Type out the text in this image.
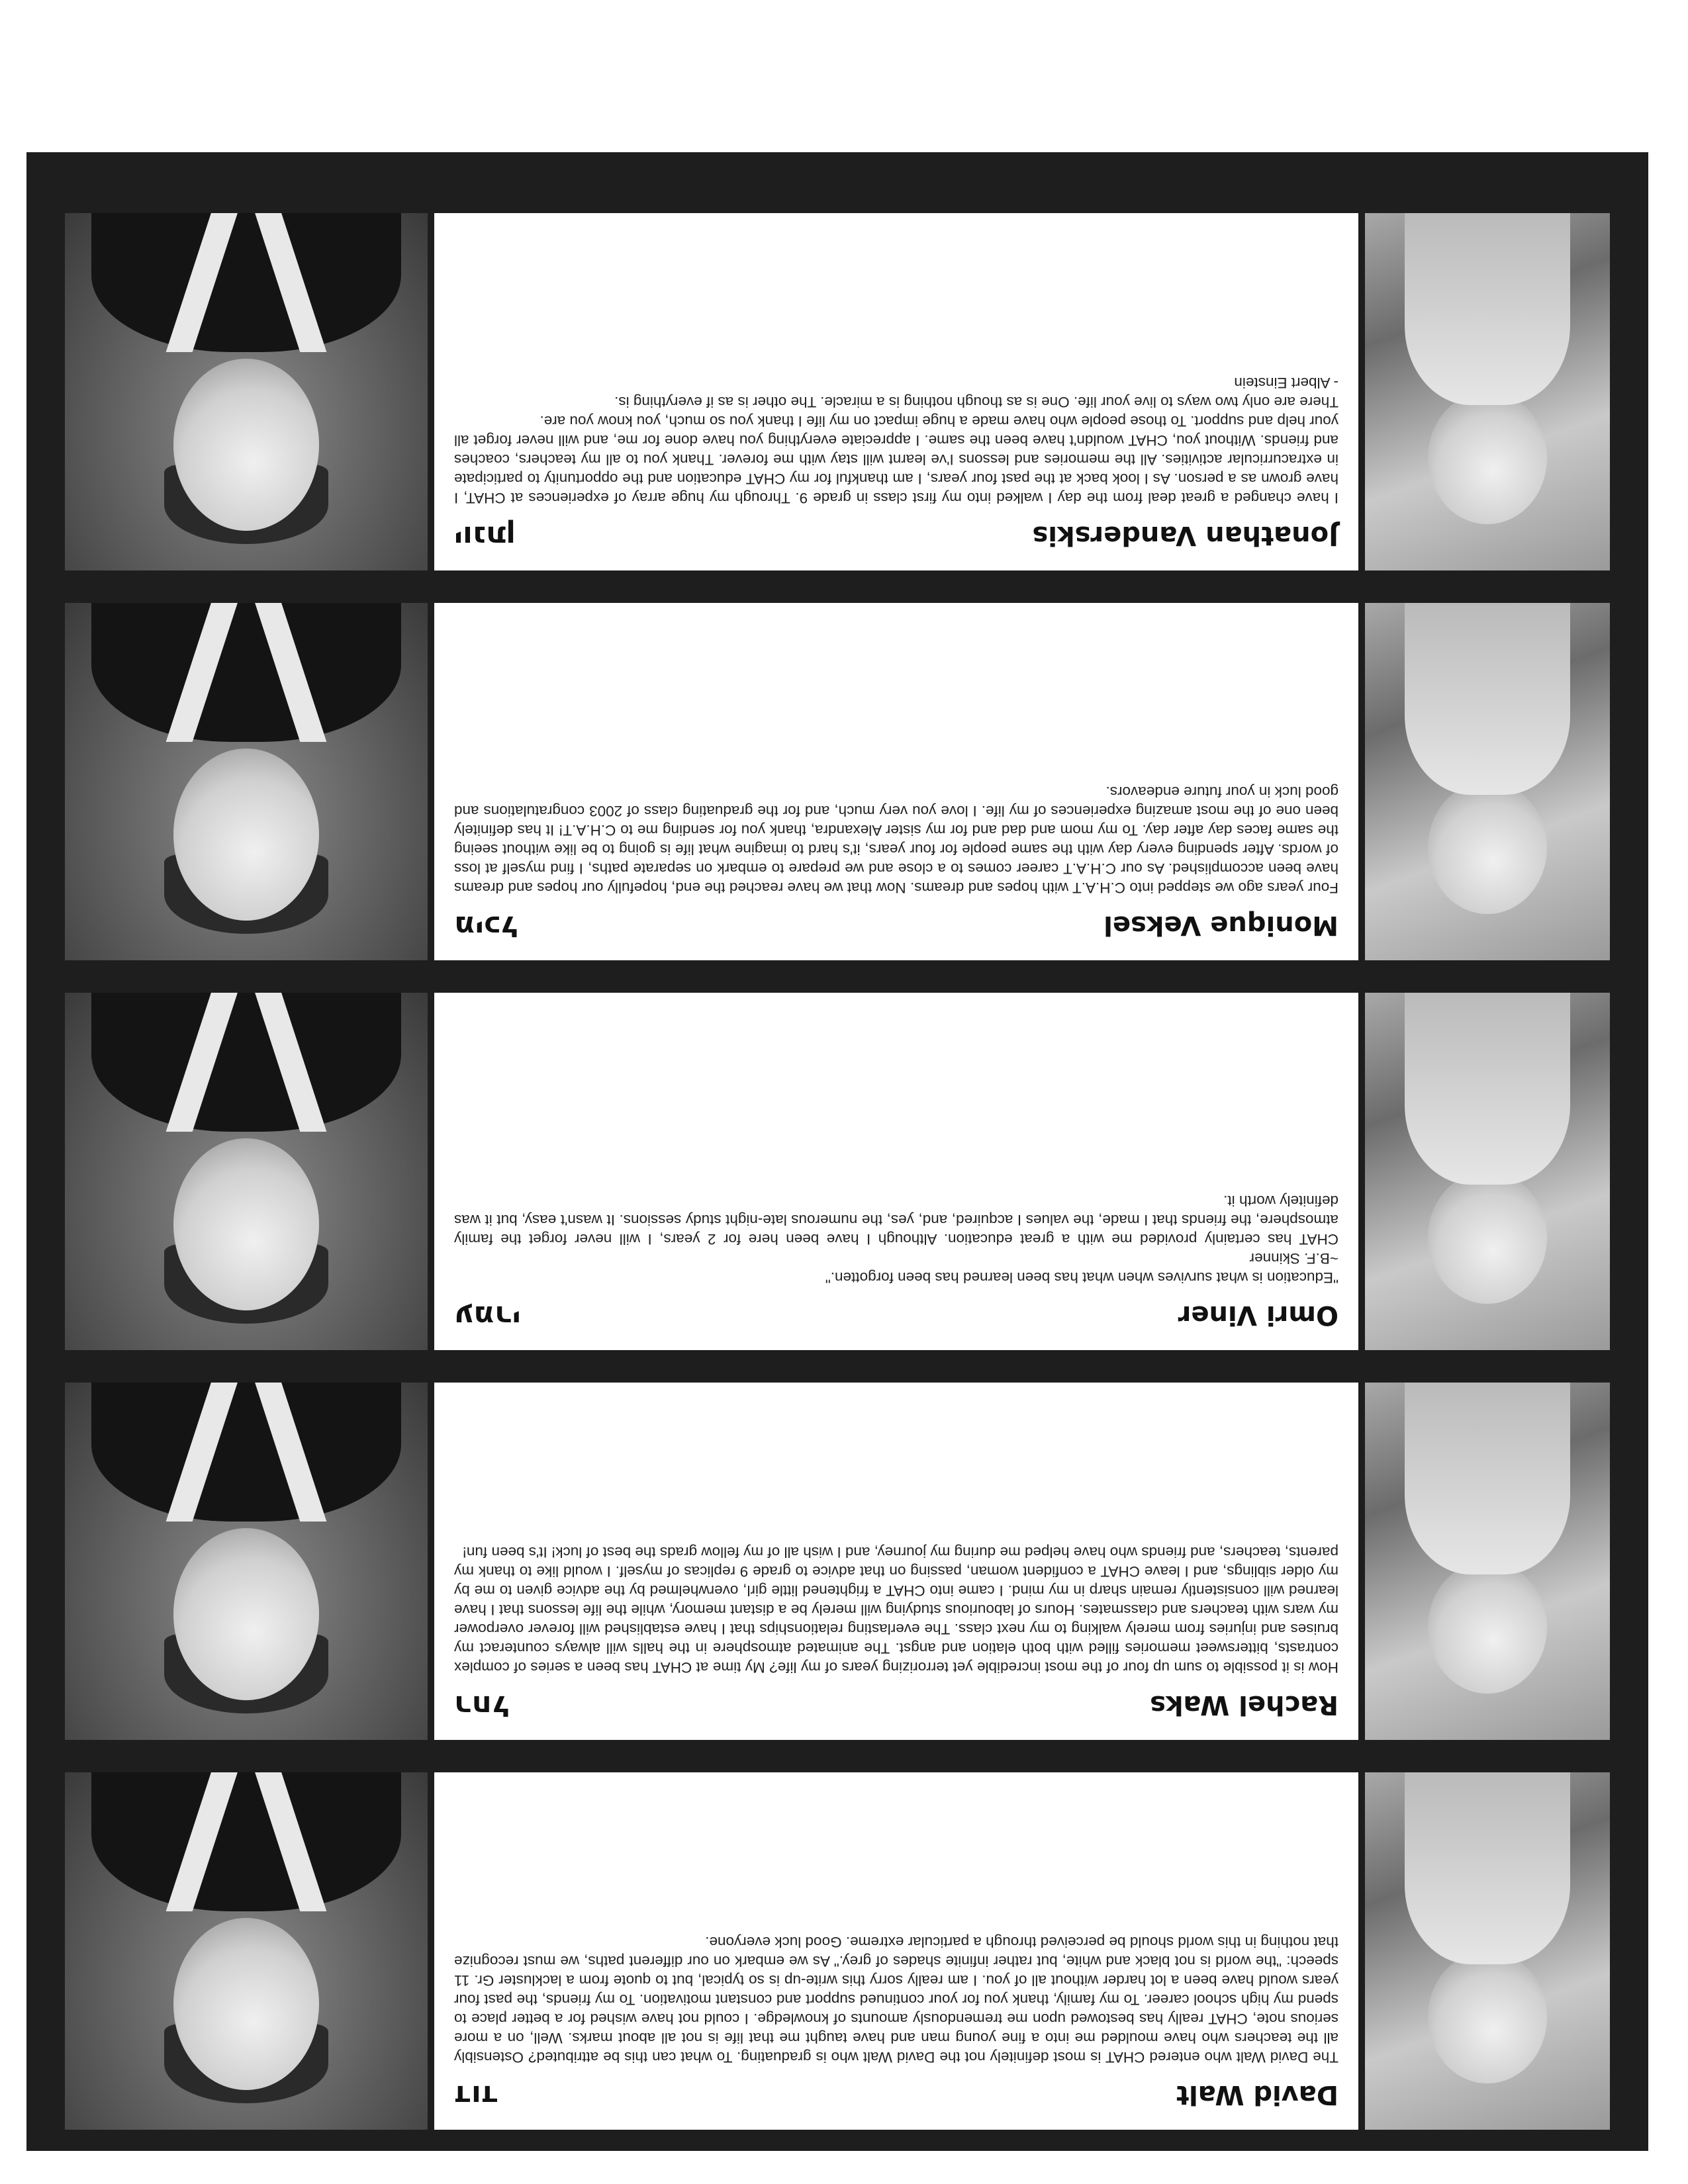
David Walt
דוד

The David Walt who entered CHAT is most definitely not the David Walt who is graduating. To what can this be attributed? Ostensibly all the teachers who have moulded me into a fine young man and have taught me that life is not all about marks. Well, on a more serious note, CHAT really has bestowed upon me tremendously amounts of knowledge. I could not have wished for a better place to spend my high school career. To my family, thank you for your continued support and constant motivation. To my friends, the past four years would have been a lot harder without all of you. I am really sorry this write-up is so typical, but to quote from a lackluster Gr. 11 speech: "the world is not black and white, but rather infinite shades of grey." As we embark on our different paths, we must recognize that nothing in this world should be perceived through a particular extreme. Good luck everyone.

Rachel Waks
רחל

How is it possible to sum up four of the most incredible yet terrorizing years of my life? My time at CHAT has been a series of complex contrasts, bittersweet memories filled with both elation and angst. The animated atmosphere in the halls will always counteract my bruises and injuries from merely walking to my next class. The everlasting relationships that I have established will forever overpower my wars with teachers and classmates. Hours of labourious studying will merely be a distant memory, while the life lessons that I have learned will consistently remain sharp in my mind. I came into CHAT a frightened little girl, overwhelmed by the advice given to me by my older siblings, and I leave CHAT a confident woman, passing on that advice to grade 9 replicas of myself. I would like to thank my parents, teachers, and friends who have helped me during my journey, and I wish all of my fellow grads the best of luck! It's been fun!

Omri Viner
עמרי

"Education is what survives when what has been learned has been forgotten."
~B.F. Skinner
CHAT has certainly provided me with a great education. Although I have been here for 2 years, I will never forget the family atmosphere, the friends that I made, the values I acquired, and, yes, the numerous late-night study sessions. It wasn't easy, but it was definitely worth it.

Monique Veksel
מיכל

Four years ago we stepped into C.H.A.T with hopes and dreams. Now that we have reached the end, hopefully our hopes and dreams have been accomplished. As our C.H.A.T career comes to a close and we prepare to embark on separate paths, I find myself at loss of words. After spending every day with the same people for four years, it's hard to imagine what life is going to be like without seeing the same faces day after day. To my mom and dad and for my sister Alexandra, thank you for sending me to C.H.A.T! It has definitely been one of the most amazing experiences of my life. I love you very much, and for the graduating class of 2003 congratulations and good luck in your future endeavors.

Jonathan Vanderskis
יונתן

I have changed a great deal from the day I walked into my first class in grade 9. Through my huge array of experiences at CHAT, I have grown as a person. As I look back at the past four years, I am thankful for my CHAT education and the opportunity to participate in extracurricular activities. All the memories and lessons I've learnt will stay with me forever. Thank you to all my teachers, coaches and friends. Without you, CHAT wouldn't have been the same. I appreciate everything you have done for me, and will never forget all your help and support. To those people who have made a huge impact on my life I thank you so much, you know you are.
There are only two ways to live your life. One is as though nothing is a miracle. The other is as if everything is.
- Albert Einstein

188
